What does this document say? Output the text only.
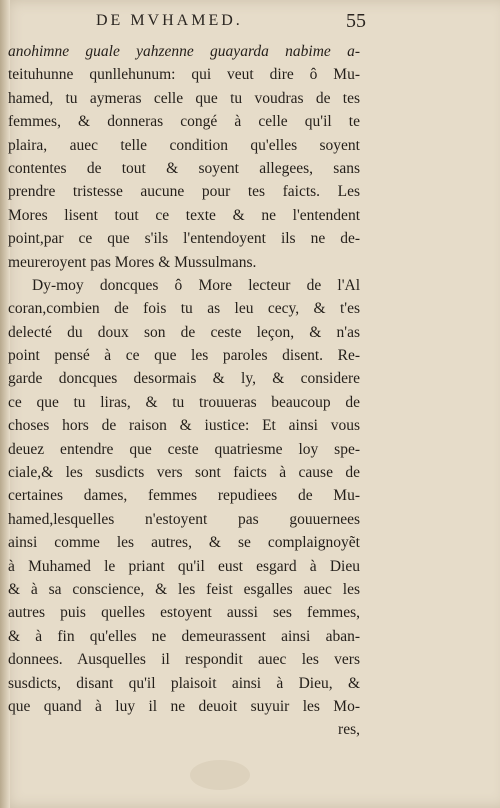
DE MVHAMED.	55
anohimne guale yahzenne guayarda nabime a-
teituhunne qunllehunum: qui veut dire ô Mu-
hamed, tu aymeras celle que tu voudras de tes
femmes, & donneras congé à celle qu'il te
plaira, auec telle condition qu'elles soyent
contentes de tout & soyent allegees, sans
prendre tristesse aucune pour tes faicts. Les
Mores lisent tout ce texte & ne l'entendent
point,par ce que s'ils l'entendoyent ils ne de-
meureroyent pas Mores & Mussulmans.
Dy-moy doncques ô More lecteur de l'Al
coran,combien de fois tu as leu cecy, & t'es
delecté du doux son de ceste leçon, & n'as
point pensé à ce que les paroles disent. Re-
garde doncques desormais & ly, & considere
ce que tu liras, & tu trouueras beaucoup de
choses hors de raison & iustice: Et ainsi vous
deuez entendre que ceste quatriesme loy spe-
ciale,& les susdicts vers sont faicts à cause de
certaines dames, femmes repudiees de Mu-
hamed,lesquelles n'estoyent pas gouuernees
ainsi comme les autres, & se complaignoyẽt
à Muhamed le priant qu'il eust esgard à Dieu
& à sa conscience, & les feist esgalles auec les
autres puis quelles estoyent aussi ses femmes,
& à fin qu'elles ne demeurassent ainsi aban-
donnees. Ausquelles il respondit auec les vers
susdicts, disant qu'il plaisoit ainsi à Dieu, &
que quand à luy il ne deuoit suyuir les Mo-
res,
